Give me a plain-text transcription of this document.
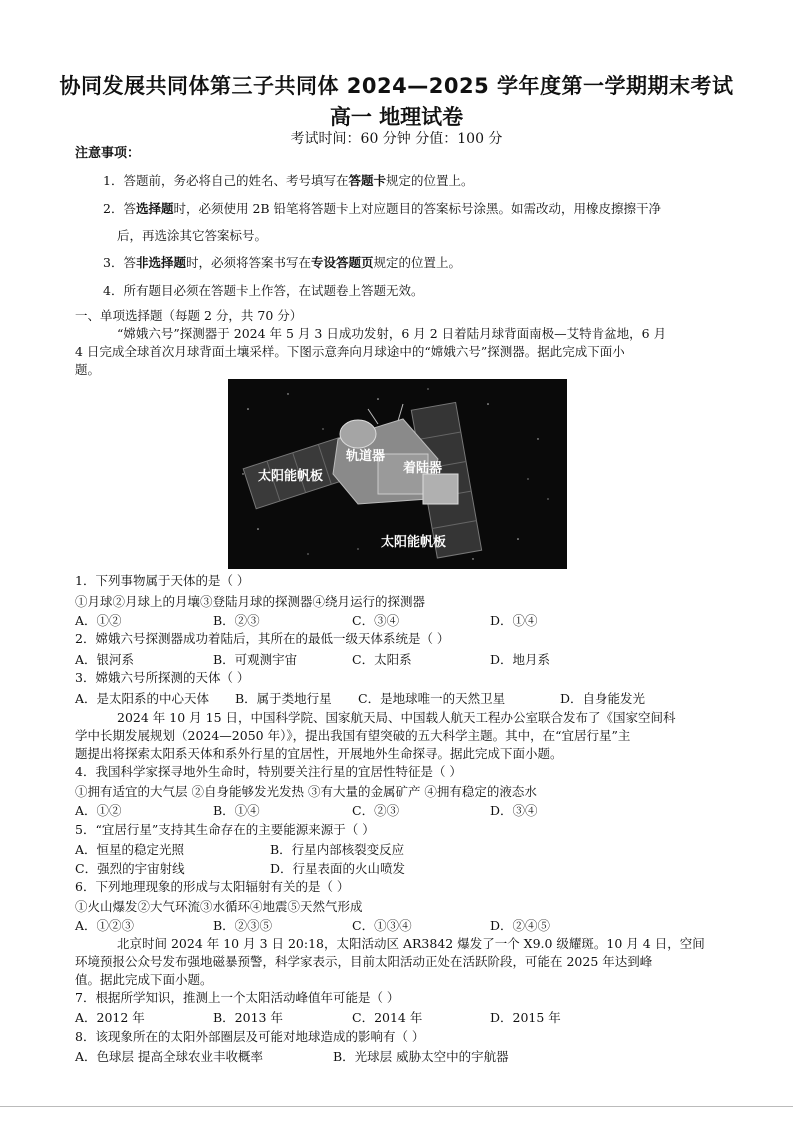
协同发展共同体第三子共同体 2024—2025 学年度第一学期期末考试
高一 地理试卷
考试时间：60 分钟 分值：100 分
注意事项：
1．答题前，务必将自己的姓名、考号填写在答题卡规定的位置上。
2．答选择题时，必须使用 2B 铅笔将答题卡上对应题目的答案标号涂黑。如需改动，用橡皮擦擦干净
后，再选涂其它答案标号。
3．答非选择题时，必须将答案书写在专设答题页规定的位置上。
4．所有题目必须在答题卡上作答，在试题卷上答题无效。
一、单项选择题（每题 2 分，共 70 分）
“嫦娥六号”探测器于 2024 年 5 月 3 日成功发射，6 月 2 日着陆月球背面南极—艾特肯盆地，6 月
4 日完成全球首次月球背面土壤采样。下图示意奔向月球途中的“嫦娥六号”探测器。据此完成下面小
题。
太阳能帆板
轨道器
着陆器
太阳能帆板
1．下列事物属于天体的是（ ）
①月球②月球上的月壤③登陆月球的探测器④绕月运行的探测器
A．①②	B．②③	C．③④	D．①④
2．嫦娥六号探测器成功着陆后，其所在的最低一级天体系统是（ ）
A．银河系	B．可观测宇宙	C．太阳系	D．地月系
3．嫦娥六号所探测的天体（ ）
A．是太阳系的中心天体 B．属于类地行星 C．是地球唯一的天然卫星	D．自身能发光
2024 年 10 月 15 日，中国科学院、国家航天局、中国载人航天工程办公室联合发布了《国家空间科
学中长期发展规划（2024—2050 年）》，提出我国有望突破的五大科学主题。其中，在“宜居行星”主
题提出将探索太阳系天体和系外行星的宜居性，开展地外生命探寻。据此完成下面小题。
4．我国科学家探寻地外生命时，特别要关注行星的宜居性特征是（ ）
①拥有适宜的大气层 ②自身能够发光发热 ③有大量的金属矿产 ④拥有稳定的液态水
A．①②	B．①④	C．②③	D．③④
5．“宜居行星”支持其生命存在的主要能源来源于（ ）
A．恒星的稳定光照	B．行星内部核裂变反应
C．强烈的宇宙射线	D．行星表面的火山喷发
6．下列地理现象的形成与太阳辐射有关的是（ ）
①火山爆发②大气环流③水循环④地震⑤天然气形成
A．①②③	B．②③⑤	C．①③④	D．②④⑤
北京时间 2024 年 10 月 3 日 20:18，太阳活动区 AR3842 爆发了一个 X9.0 级耀斑。10 月 4 日，空间
环境预报公众号发布强地磁暴预警，科学家表示，目前太阳活动正处在活跃阶段，可能在 2025 年达到峰
值。据此完成下面小题。
7．根据所学知识，推测上一个太阳活动峰值年可能是（ ）
A．2012 年	B．2013 年	C．2014 年	D．2015 年
8．该现象所在的太阳外部圈层及可能对地球造成的影响有（ ）
A．色球层 提高全球农业丰收概率	B．光球层 威胁太空中的宇航器
